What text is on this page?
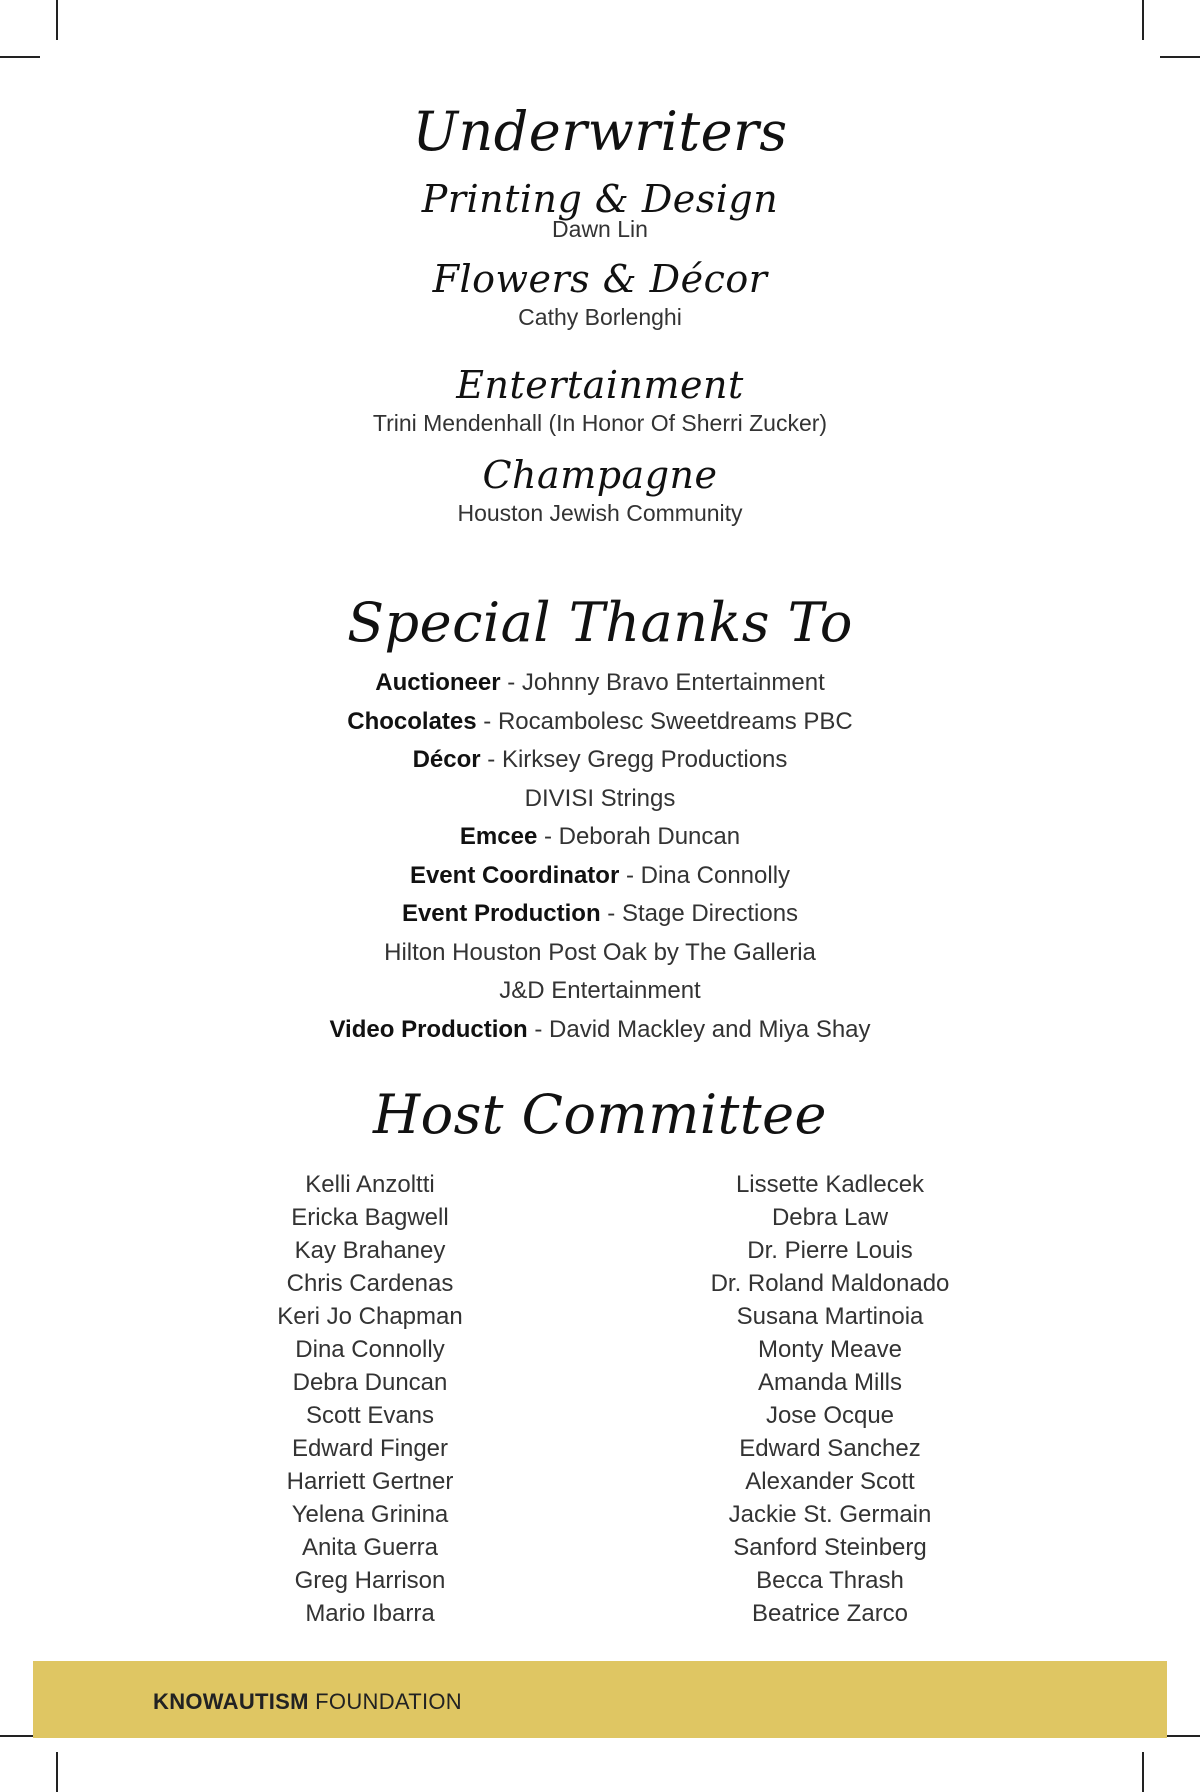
Underwriters
Printing & Design

Dawn Lin

Flowers & Décor

Cathy Borlenghi

Entertainment

Trini Mendenhall (In Honor Of Sherri Zucker)

Champagne

Houston Jewish Community

Special Thanks To

Auctioneer - Johnny Bravo Entertainment

Chocolates - Rocambolesc Sweetdreams PBC

Décor - Kirksey Gregg Productions

DIVISI Strings

Emcee - Deborah Duncan

Event Coordinator - Dina Connolly

Event Production - Stage Directions

Hilton Houston Post Oak by The Galleria

J&D Entertainment

Video Production - David Mackley and Miya Shay

Host Committee

Kelli Anzoltti

Ericka Bagwell

Kay Brahaney

Chris Cardenas

Keri Jo Chapman

Dina Connolly

Debra Duncan

Scott Evans

Edward Finger

Harriett Gertner

Yelena Grinina

Anita Guerra

Greg Harrison

Mario Ibarra

Lissette Kadlecek

Debra Law

Dr. Pierre Louis

Dr. Roland Maldonado

Susana Martinoia

Monty Meave

Amanda Mills

Jose Ocque

Edward Sanchez

Alexander Scott

Jackie St. Germain

Sanford Steinberg

Becca Thrash

Beatrice Zarco

KNOWAUTISM FOUNDATION
